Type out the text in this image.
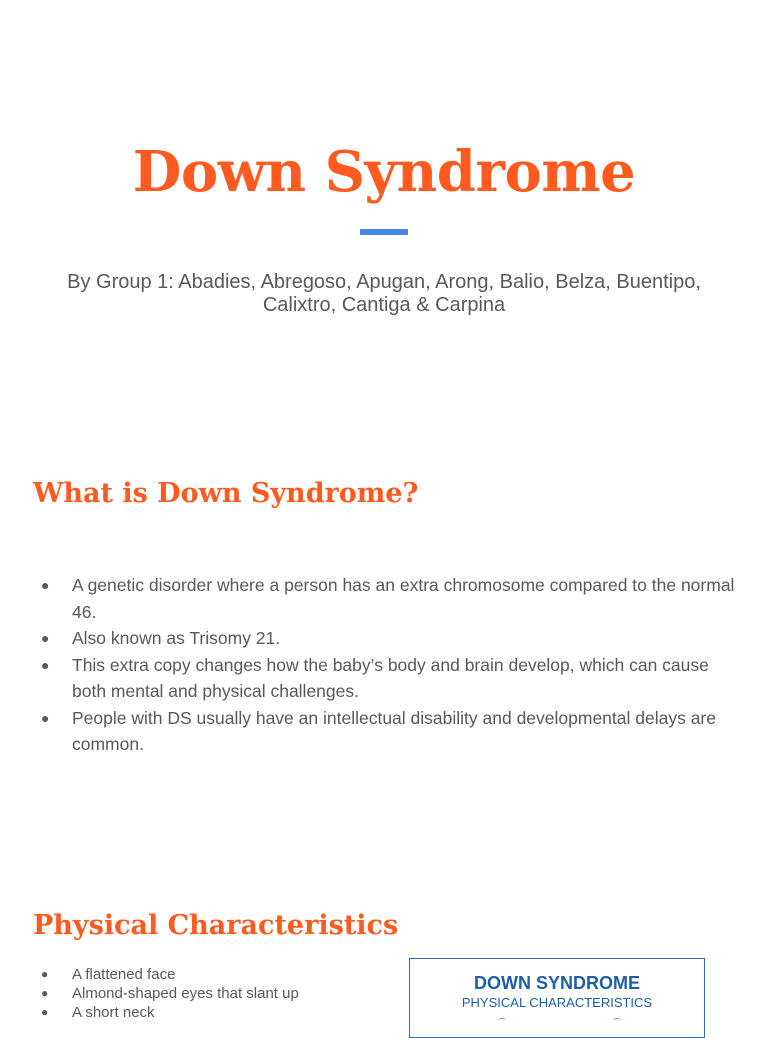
Down Syndrome

By Group 1: Abadies, Abregoso, Apugan, Arong, Balio, Belza, Buentipo, Calixtro, Cantiga & Carpina

What is Down Syndrome?
● A genetic disorder where a person has an extra chromosome compared to the normal 46.
● Also known as Trisomy 21.
● This extra copy changes how the baby’s body and brain develop, which can cause both mental and physical challenges.
● People with DS usually have an intellectual disability and developmental delays are common.
Physical Characteristics
● A flattened face
● Almond-shaped eyes that slant up
● A short neck

DOWN SYNDROME

PHYSICAL CHARACTERISTICS
